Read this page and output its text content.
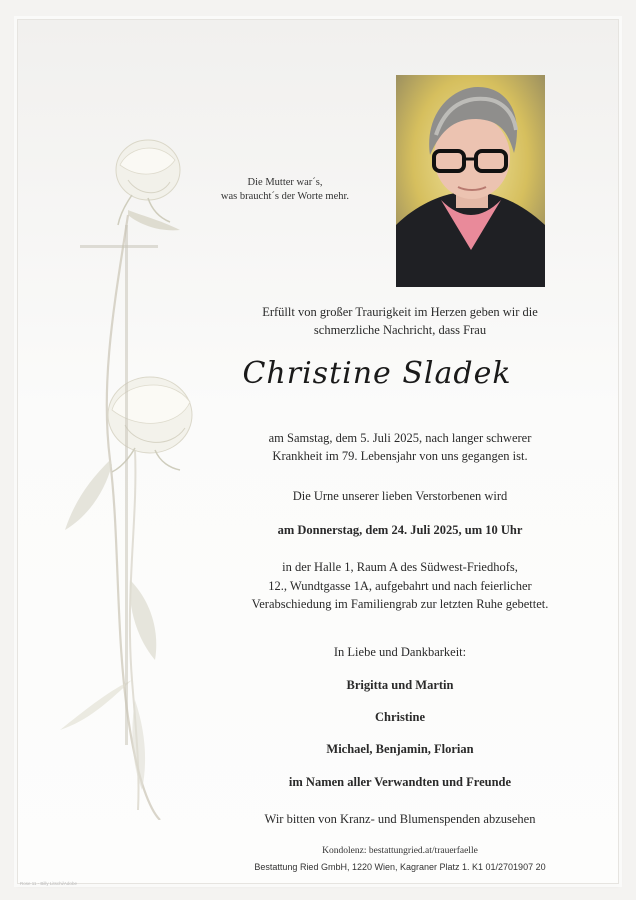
Die Mutter war´s,
was braucht´s der Worte mehr.
Erfüllt von großer Traurigkeit im Herzen geben wir die
schmerzliche Nachricht, dass Frau
Christine Sladek
am Samstag, dem 5. Juli 2025, nach langer schwerer
Krankheit im 79. Lebensjahr von uns gegangen ist.
Die Urne unserer lieben Verstorbenen wird
am Donnerstag, dem 24. Juli 2025, um 10 Uhr
in der Halle 1, Raum A des Südwest-Friedhofs,
12., Wundtgasse 1A, aufgebahrt und nach feierlicher
Verabschiedung im Familiengrab zur letzten Ruhe gebettet.
In Liebe und Dankbarkeit:
Brigitta und Martin
Christine
Michael, Benjamin, Florian
im Namen aller Verwandten und Freunde
Wir bitten von Kranz- und Blumenspenden abzusehen
Kondolenz: bestattungried.at/trauerfaelle
Bestattung Ried GmbH, 1220 Wien, Kagraner Platz 1. K1 01/2701907 20
Rose 11 - Billy Litschi/Adobe
